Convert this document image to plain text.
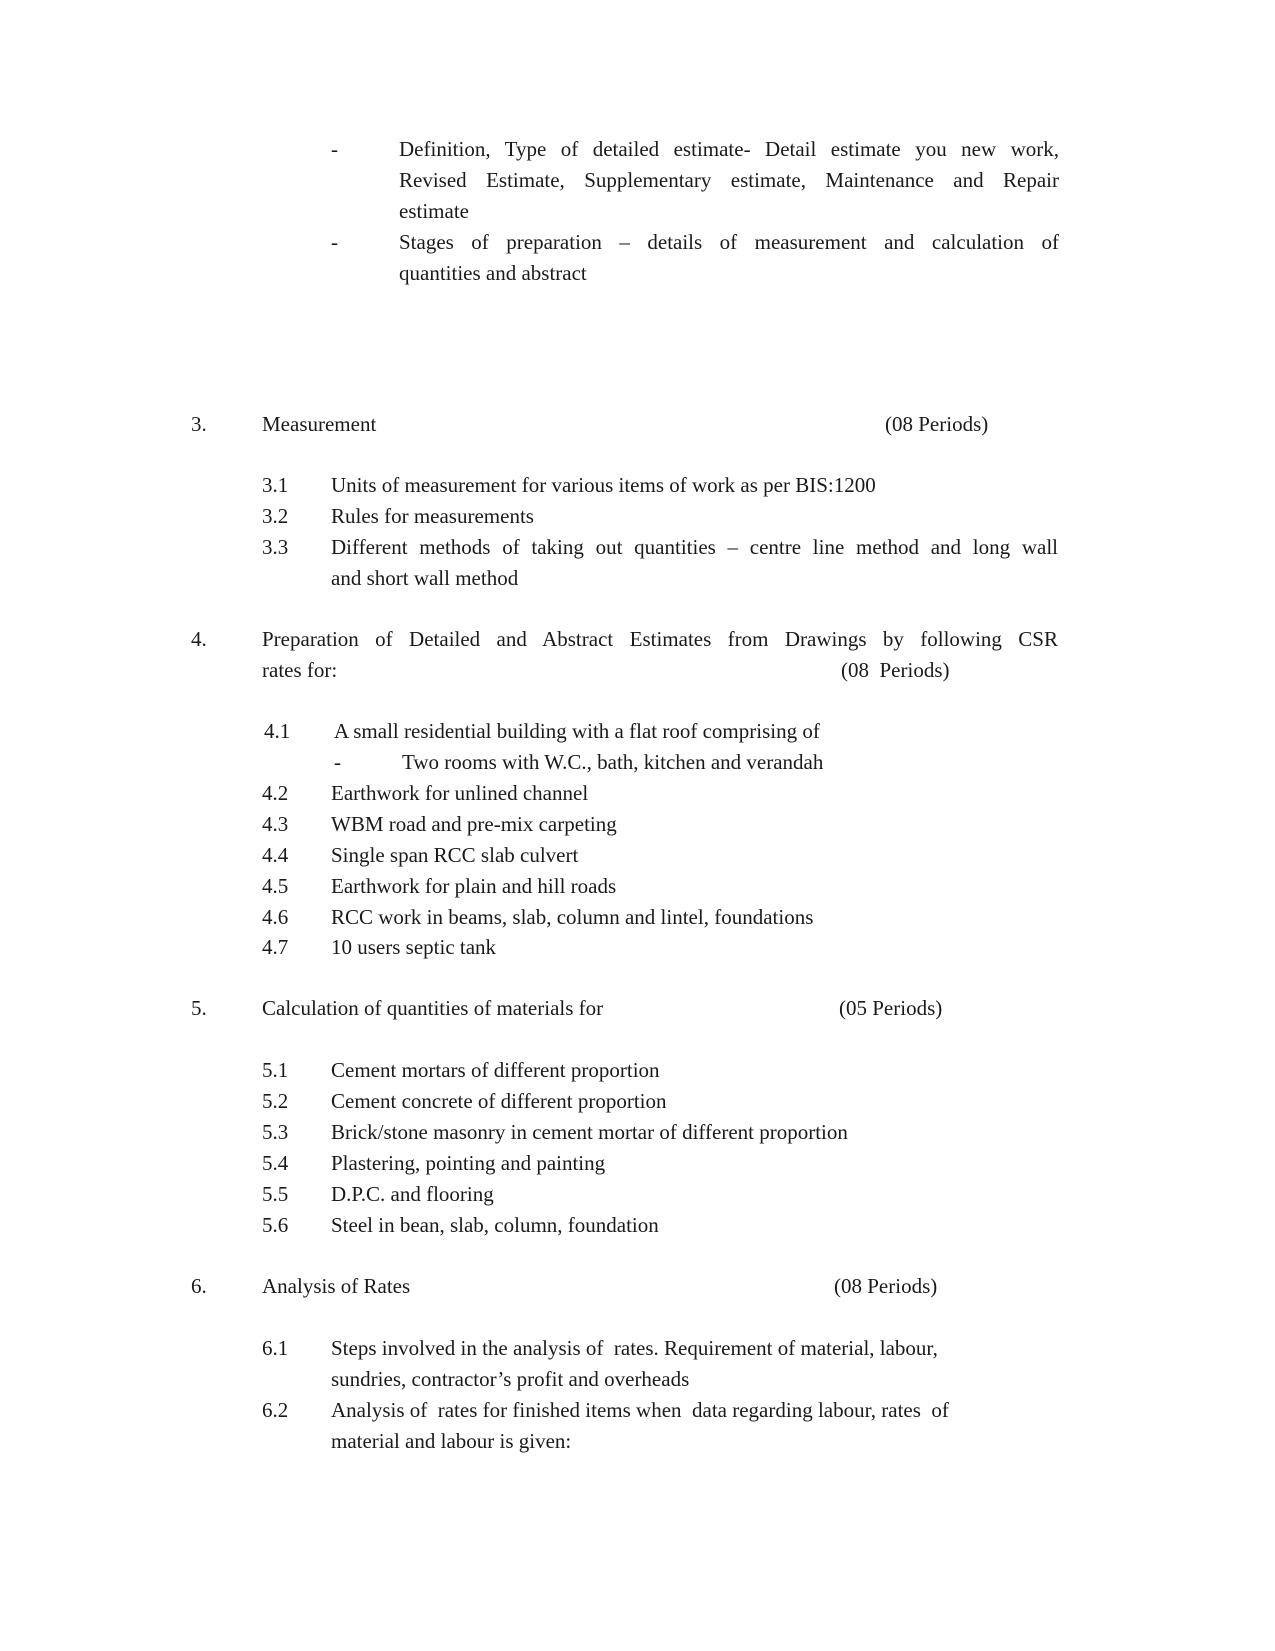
-	Definition, Type of detailed estimate- Detail estimate you new work,
Revised Estimate, Supplementary estimate, Maintenance and Repair
estimate
-	Stages of preparation – details of measurement and calculation of
quantities and abstract
3.	Measurement	(08 Periods)
3.1 Units of measurement for various items of work as per BIS:1200
3.2 Rules for measurements
3.3 Different methods of taking out quantities – centre line method and long wall
and short wall method
4.	Preparation of Detailed and Abstract Estimates from Drawings by following CSR
rates for:	(08  Periods)
4.1 A small residential building with a flat roof comprising of
-	Two rooms with W.C., bath, kitchen and verandah
4.2 Earthwork for unlined channel
4.3 WBM road and pre-mix carpeting
4.4 Single span RCC slab culvert
4.5 Earthwork for plain and hill roads
4.6 RCC work in beams, slab, column and lintel, foundations
4.7 10 users septic tank
5.	Calculation of quantities of materials for	(05 Periods)
5.1 Cement mortars of different proportion
5.2 Cement concrete of different proportion
5.3 Brick/stone masonry in cement mortar of different proportion
5.4 Plastering, pointing and painting
5.5 D.P.C. and flooring
5.6 Steel in bean, slab, column, foundation
6.	Analysis of Rates	(08 Periods)
6.1 Steps involved in the analysis of  rates. Requirement of material, labour,
sundries, contractor’s profit and overheads
6.2 Analysis of  rates for finished items when  data regarding labour, rates  of
material and labour is given:
